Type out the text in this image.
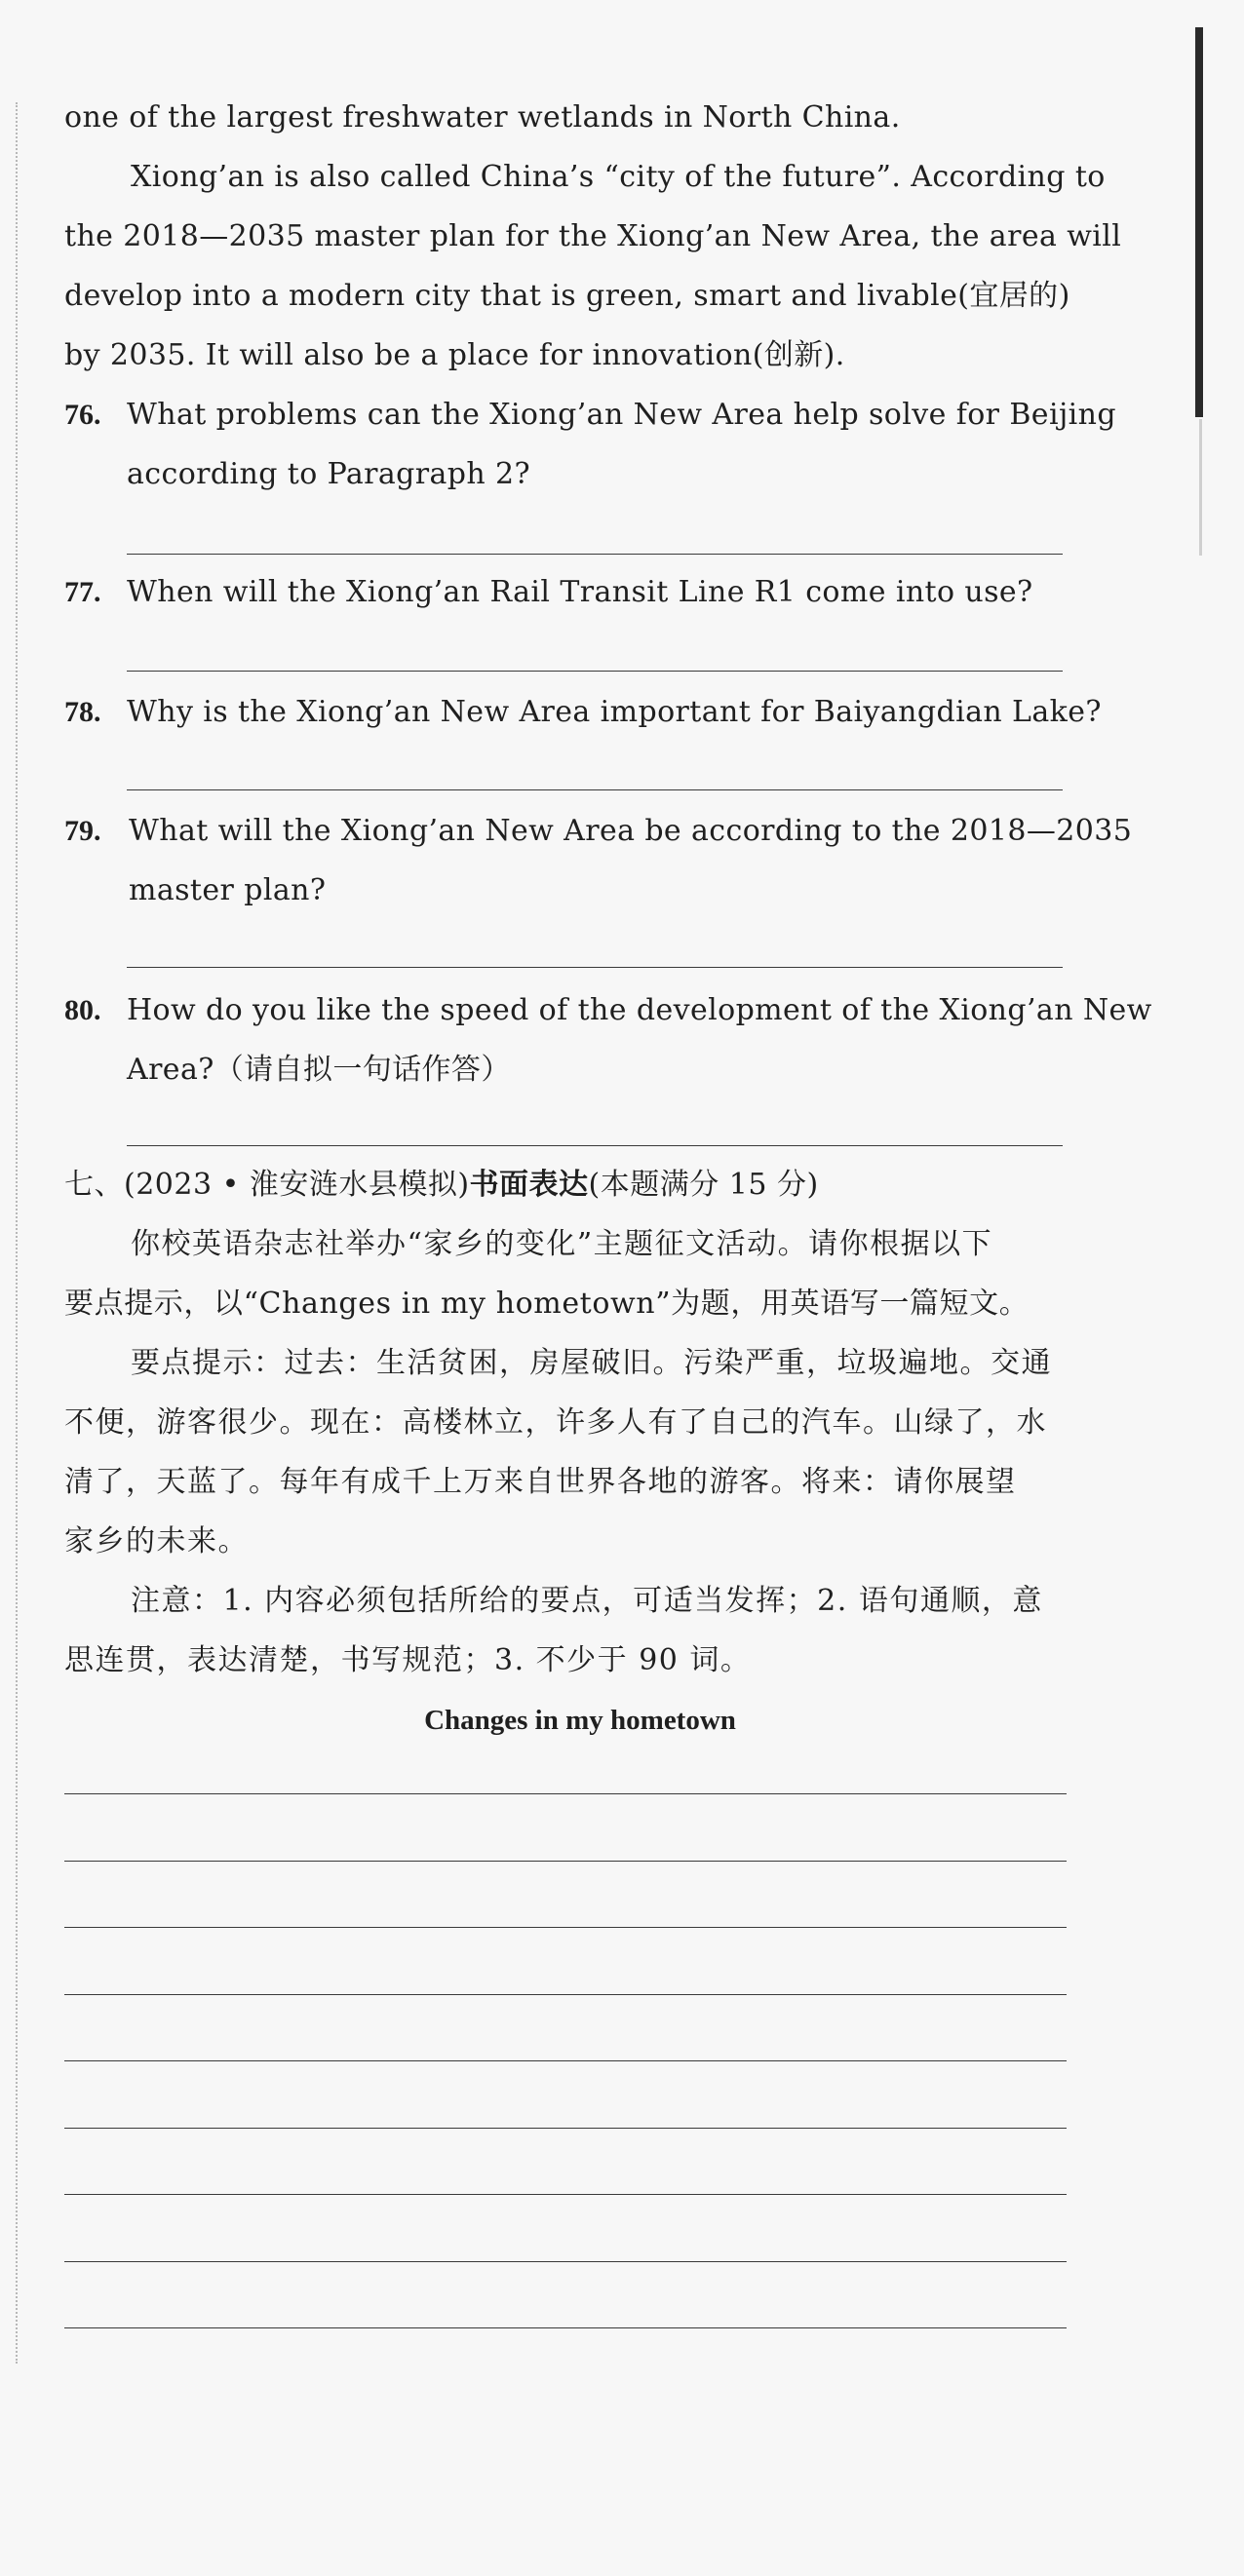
one of the largest freshwater wetlands in North China.
Xiong’an is also called China’s “city of the future”. According to
the 2018—2035 master plan for the Xiong’an New Area, the area will
develop into a modern city that is green, smart and livable(宜居的)
by 2035. It will also be a place for innovation(创新).
76. What problems can the Xiong’an New Area help solve for Beijing
according to Paragraph 2?
77. When will the Xiong’an Rail Transit Line R1 come into use?
78. Why is the Xiong’an New Area important for Baiyangdian Lake?
79. What will the Xiong’an New Area be according to the 2018—2035
master plan?
80. How do you like the speed of the development of the Xiong’an New
Area?（请自拟一句话作答）
七、(2023 • 淮安涟水县模拟)书面表达(本题满分 15 分)
你校英语杂志社举办“家乡的变化”主题征文活动。请你根据以下
要点提示，以“Changes in my hometown”为题，用英语写一篇短文。
要点提示：过去：生活贫困，房屋破旧。污染严重，垃圾遍地。交通
不便，游客很少。现在：高楼林立，许多人有了自己的汽车。山绿了，水
清了，天蓝了。每年有成千上万来自世界各地的游客。将来：请你展望
家乡的未来。
注意：1. 内容必须包括所给的要点，可适当发挥；2. 语句通顺，意
思连贯，表达清楚，书写规范；3. 不少于 90 词。
Changes in my hometown
